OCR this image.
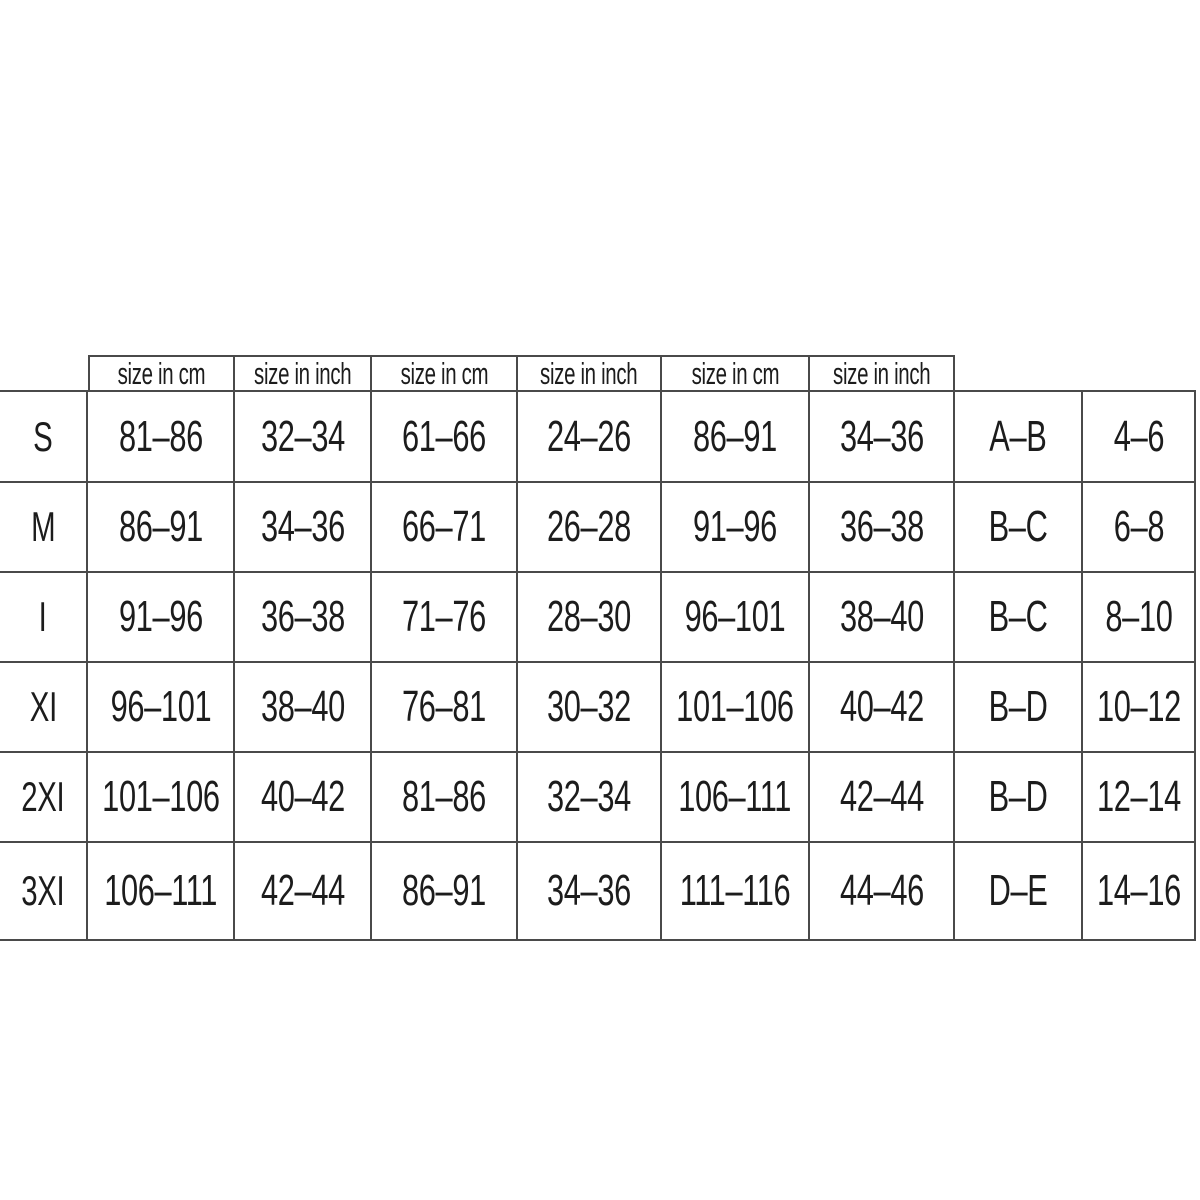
size in cm size in inch size in cm size in inch size in cm size in inch
S 81–86 32–34 61–66 24–26 86–91 34–36 A–B 4–6
M 86–91 34–36 66–71 26–28 91–96 36–38 B–C 6–8
I 91–96 36–38 71–76 28–30 96–101 38–40 B–C 8–10
XI 96–101 38–40 76–81 30–32 101–106 40–42 B–D 10–12
2XI 101–106 40–42 81–86 32–34 106–111 42–44 B–D 12–14
3XI 106–111 42–44 86–91 34–36 111–116 44–46 D–E 14–16
